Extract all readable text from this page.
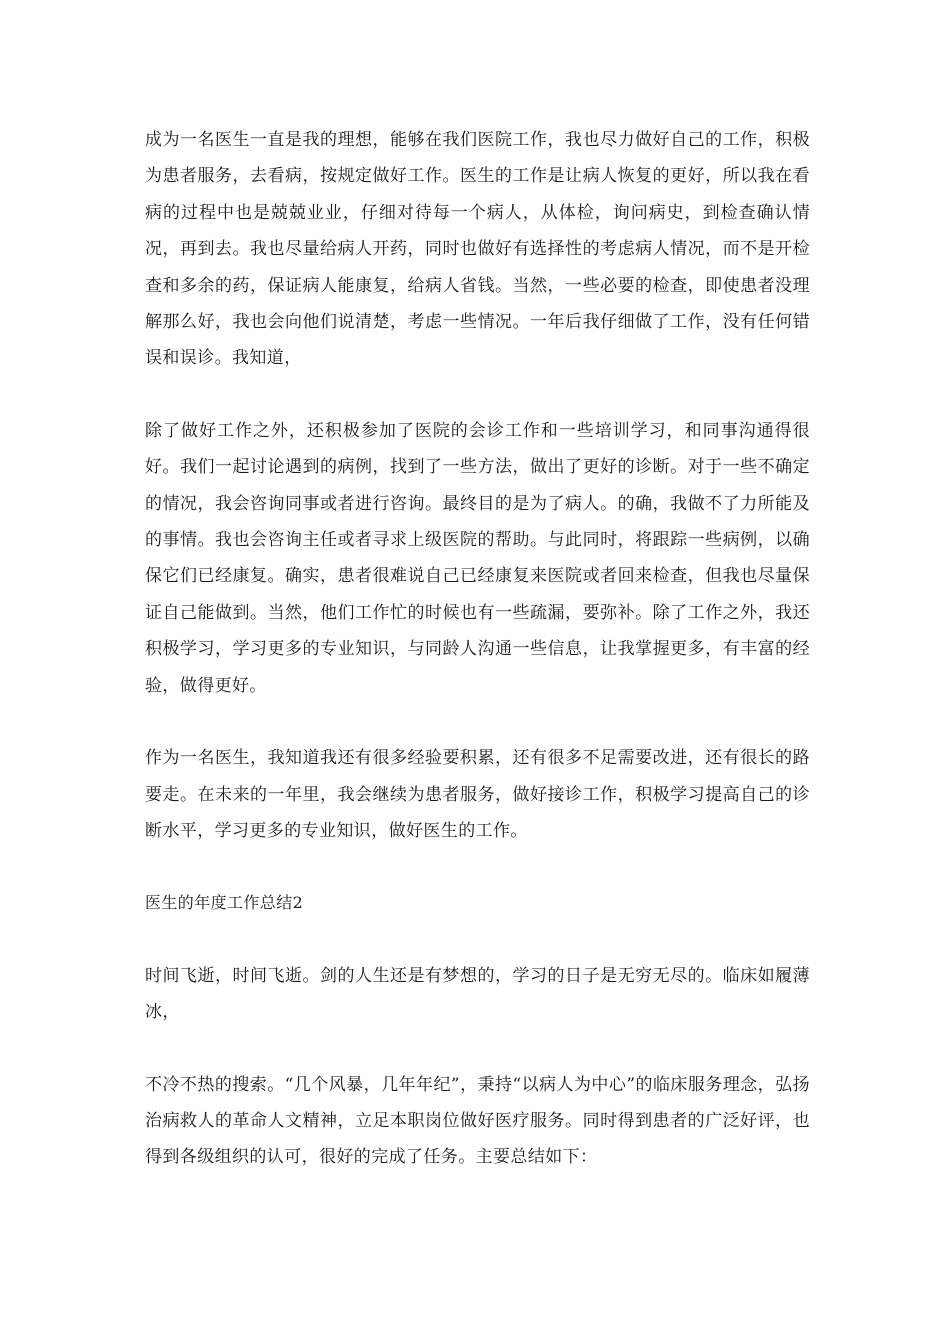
成为一名医生一直是我的理想，能够在我们医院工作，我也尽力做好自己的工作，积极为患者服务，去看病，按规定做好工作。医生的工作是让病人恢复的更好，所以我在看病的过程中也是兢兢业业，仔细对待每一个病人，从体检，询问病史，到检查确认情况，再到去。我也尽量给病人开药，同时也做好有选择性的考虑病人情况，而不是开检查和多余的药，保证病人能康复，给病人省钱。当然，一些必要的检查，即使患者没理解那么好，我也会向他们说清楚，考虑一些情况。一年后我仔细做了工作，没有任何错误和误诊。我知道，

除了做好工作之外，还积极参加了医院的会诊工作和一些培训学习，和同事沟通得很好。我们一起讨论遇到的病例，找到了一些方法，做出了更好的诊断。对于一些不确定的情况，我会咨询同事或者进行咨询。最终目的是为了病人。的确，我做不了力所能及的事情。我也会咨询主任或者寻求上级医院的帮助。与此同时，将跟踪一些病例，以确保它们已经康复。确实，患者很难说自己已经康复来医院或者回来检查，但我也尽量保证自己能做到。当然，他们工作忙的时候也有一些疏漏，要弥补。除了工作之外，我还积极学习，学习更多的专业知识，与同龄人沟通一些信息，让我掌握更多，有丰富的经验，做得更好。

作为一名医生，我知道我还有很多经验要积累，还有很多不足需要改进，还有很长的路要走。在未来的一年里，我会继续为患者服务，做好接诊工作，积极学习提高自己的诊断水平，学习更多的专业知识，做好医生的工作。

医生的年度工作总结2

时间飞逝，时间飞逝。剑的人生还是有梦想的，学习的日子是无穷无尽的。临床如履薄冰，

不冷不热的搜索。“几个风暴，几年年纪”，秉持“以病人为中心”的临床服务理念，弘扬治病救人的革命人文精神，立足本职岗位做好医疗服务。同时得到患者的广泛好评，也得到各级组织的认可，很好的完成了任务。主要总结如下：
